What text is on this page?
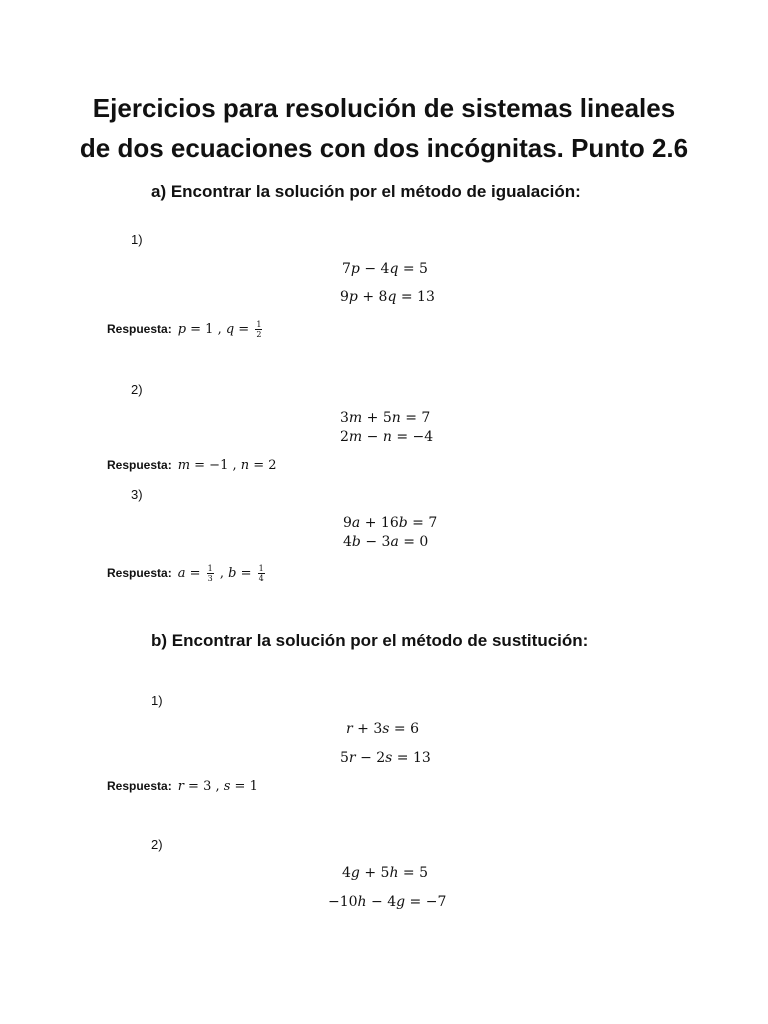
Ejercicios para resolución de sistemas lineales
de dos ecuaciones con dos incógnitas. Punto 2.6
a) Encontrar la solución por el método de igualación:
1)
7p − 4q = 5
9p + 8q = 13
Respuesta: p = 1 , $q = \frac{1}{2}$
2)
3m + 5n = 7
2m − n = −4
Respuesta: m = −1 , n = 2
3)
9a + 16b = 7
4b − 3a = 0
Respuesta: $a = \frac{1}{3}$ , $b = \frac{1}{4}$
b) Encontrar la solución por el método de sustitución:
1)
r + 3s = 6
5r − 2s = 13
Respuesta: r = 3 , s = 1
2)
4g + 5h = 5
−10h − 4g = −7
